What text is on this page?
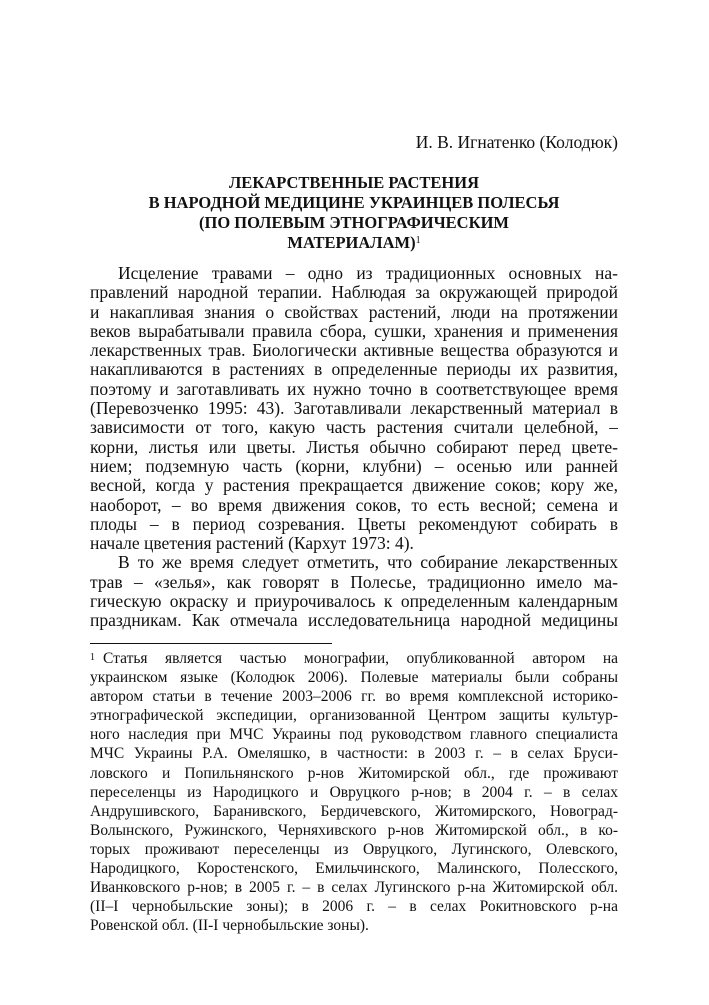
И. В. Игнатенко (Колодюк)
ЛЕКАРСТВЕННЫЕ РАСТЕНИЯ
В НАРОДНОЙ МЕДИЦИНЕ УКРАИНЦЕВ ПОЛЕСЬЯ
(ПО ПОЛЕВЫМ ЭТНОГРАФИЧЕСКИМ
МАТЕРИАЛАМ)$^1$
Исцеление травами – одно из традиционных основных на-
правлений народной терапии. Наблюдая за окружающей природой
и накапливая знания о свойствах растений, люди на протяжении
веков вырабатывали правила сбора, сушки, хранения и применения
лекарственных трав. Биологически активные вещества образуются и
накапливаются в растениях в определенные периоды их развития,
поэтому и заготавливать их нужно точно в соответствующее время
(Перевозченко 1995: 43). Заготавливали лекарственный материал в
зависимости от того, какую часть растения считали целебной, –
корни, листья или цветы. Листья обычно собирают перед цвете-
нием; подземную часть (корни, клубни) – осенью или ранней
весной, когда у растения прекращается движение соков; кору же,
наоборот, – во время движения соков, то есть весной; семена и
плоды – в период созревания. Цветы рекомендуют собирать в
начале цветения растений (Кархут 1973: 4).
В то же время следует отметить, что собирание лекарственных
трав – «зелья», как говорят в Полесье, традиционно имело ма-
гическую окраску и приурочивалось к определенным календарным
праздникам. Как отмечала исследовательница народной медицины
$^1$ Статья является частью монографии, опубликованной автором на
украинском языке (Колодюк 2006). Полевые материалы были собраны
автором статьи в течение 2003–2006 гг. во время комплексной историко-
этнографической экспедиции, организованной Центром защиты культур-
ного наследия при МЧС Украины под руководством главного специалиста
МЧС Украины Р.А. Омеляшко, в частности: в 2003 г. – в селах Бруси-
ловского и Попильнянского р-нов Житомирской обл., где проживают
переселенцы из Народицкого и Овруцкого р-нов; в 2004 г. – в селах
Андрушивского, Баранивского, Бердичевского, Житомирского, Новоград-
Волынского, Ружинского, Черняхивского р-нов Житомирской обл., в ко-
торых проживают переселенцы из Овруцкого, Лугинского, Олевского,
Народицкого, Коростенского, Емильчинского, Малинского, Полесского,
Иванковского р-нов; в 2005 г. – в селах Лугинского р-на Житомирской обл.
(II–I чернобыльские зоны); в 2006 г. – в селах Рокитновского р-на
Ровенской обл. (II-I чернобыльские зоны).
